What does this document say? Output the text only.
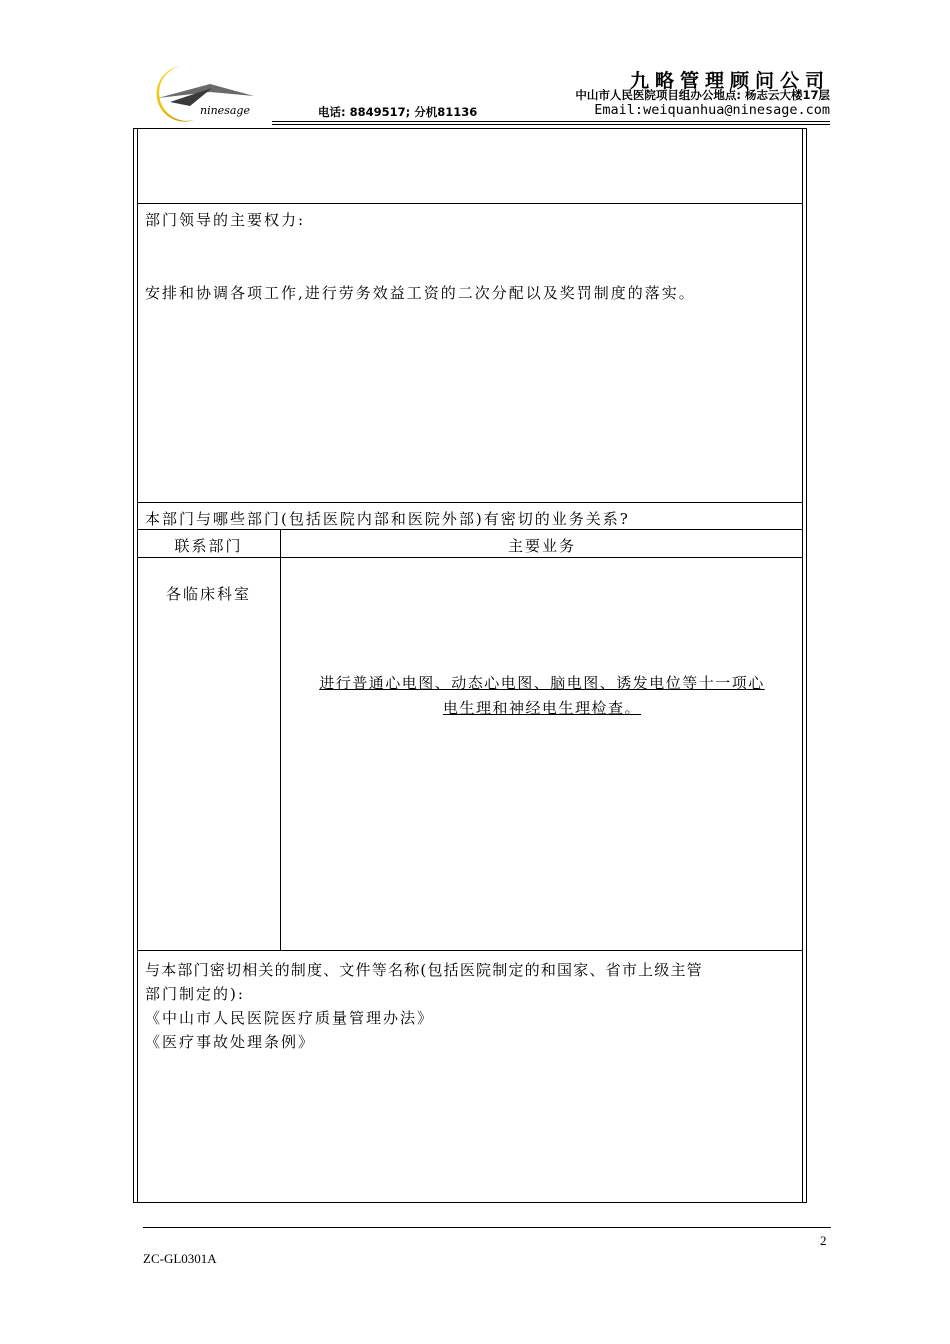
ninesage
九略管理顾问公司
中山市人民医院项目组办公地点: 杨志云大楼17层
电话: 8849517; 分机81136	Email:weiquanhua@ninesage.com
部门领导的主要权力:
安排和协调各项工作,进行劳务效益工资的二次分配以及奖罚制度的落实。
本部门与哪些部门(包括医院内部和医院外部)有密切的业务关系?
联系部门	主要业务
各临床科室
进行普通心电图、动态心电图、脑电图、诱发电位等十一项心
电生理和神经电生理检查。
与本部门密切相关的制度、文件等名称(包括医院制定的和国家、省市上级主管
部门制定的):
《中山市人民医院医疗质量管理办法》
《医疗事故处理条例》
2
ZC-GL0301A
